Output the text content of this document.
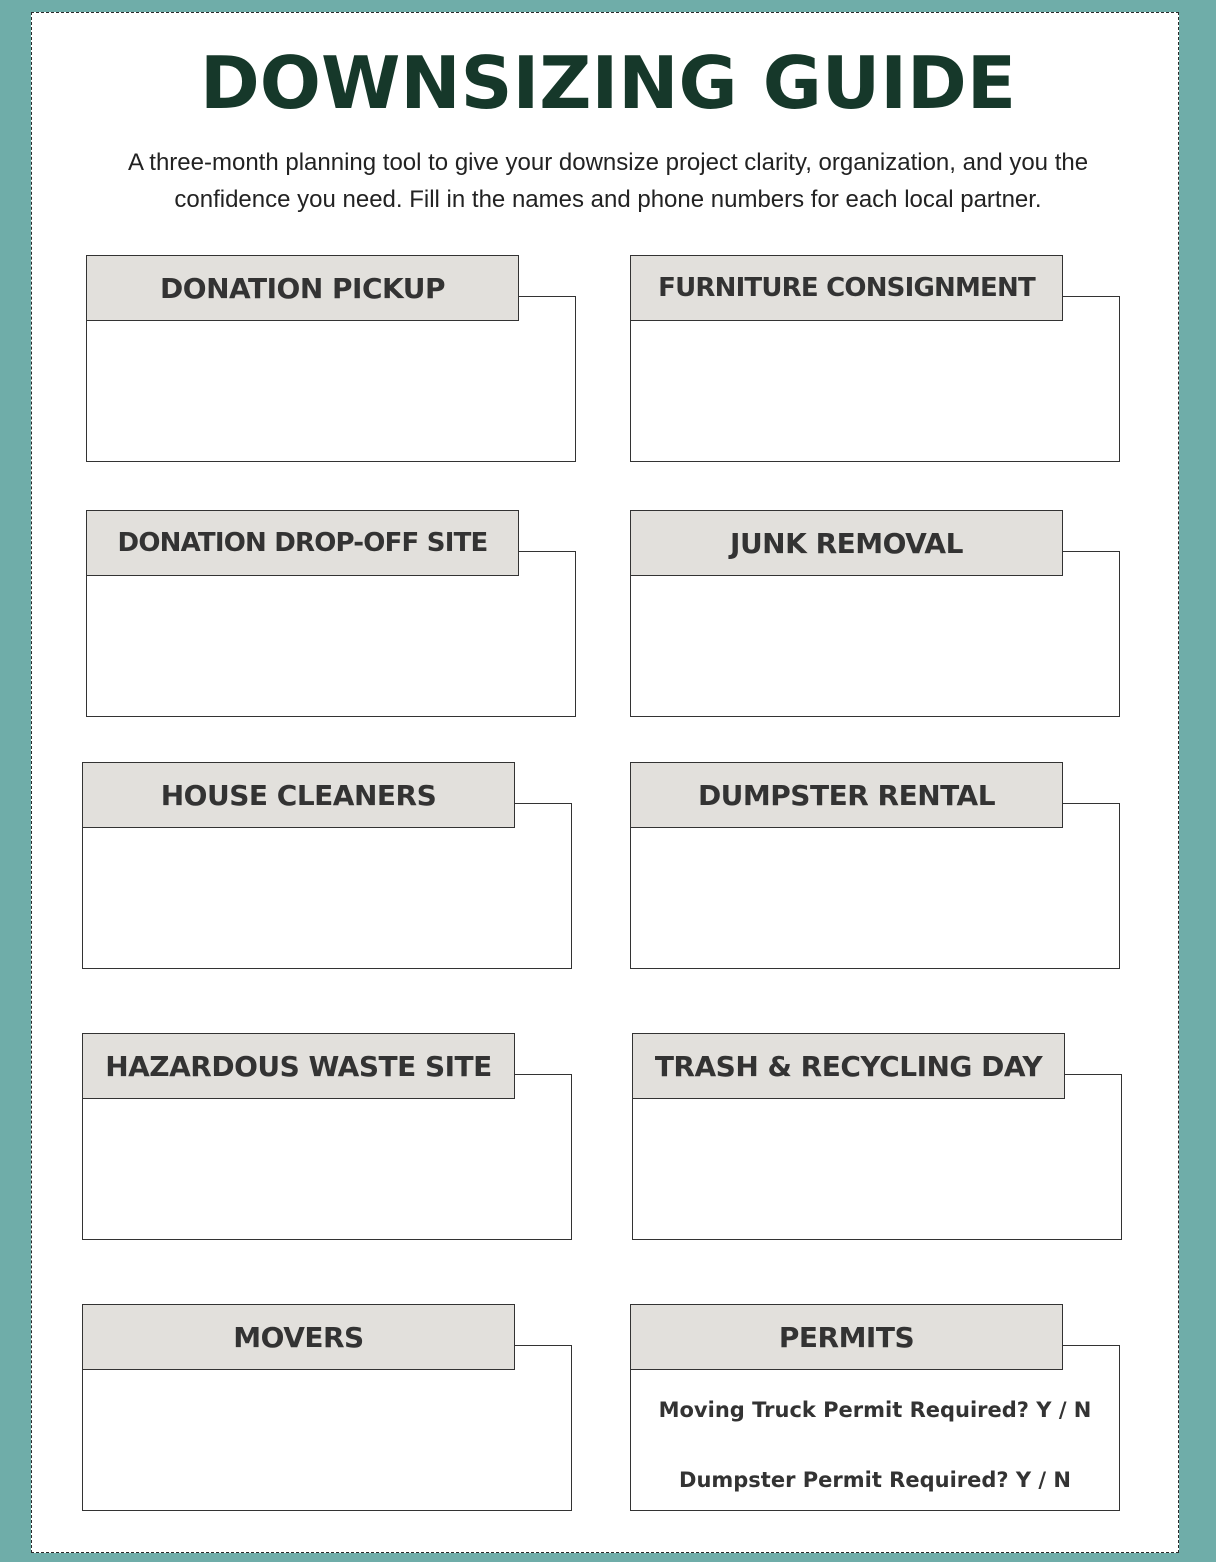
DOWNSIZING GUIDE

A three-month planning tool to give your downsize project clarity, organization, and you the confidence you need. Fill in the names and phone numbers for each local partner.

DONATION PICKUP	FURNITURE CONSIGNMENT
DONATION DROP-OFF SITE	JUNK REMOVAL
HOUSE CLEANERS	DUMPSTER RENTAL
HAZARDOUS WASTE SITE	TRASH & RECYCLING DAY
MOVERS	PERMITS
Moving Truck Permit Required? Y / N
Dumpster Permit Required? Y / N
